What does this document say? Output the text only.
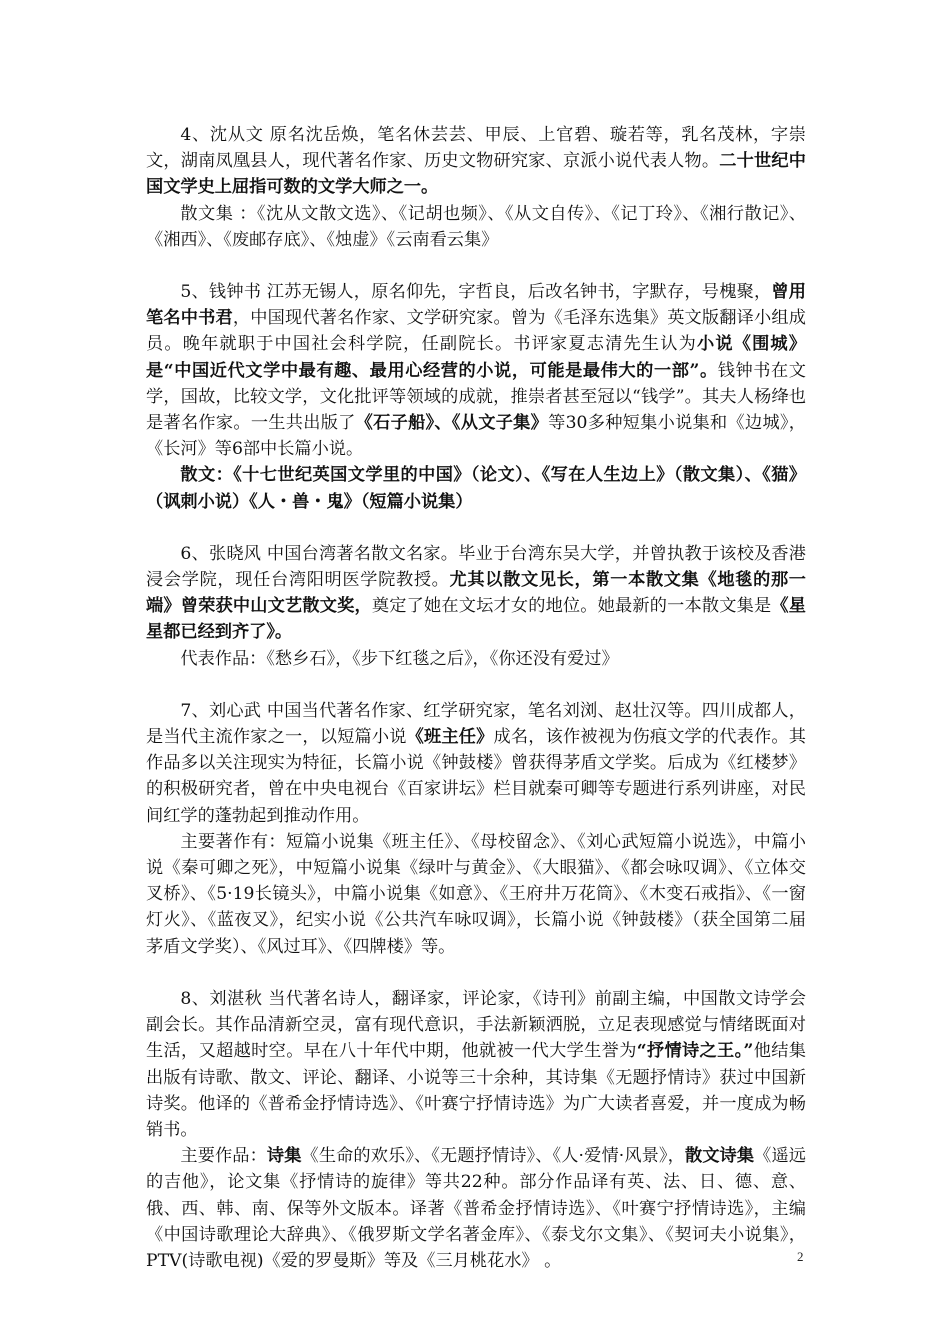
4、沈从文 原名沈岳焕，笔名休芸芸、甲辰、上官碧、璇若等，乳名茂林，字崇文，湖南凤凰县人，现代著名作家、历史文物研究家、京派小说代表人物。二十世纪中国文学史上屈指可数的文学大师之一。

散文集 ：《沈从文散文选》、《记胡也频》、《从文自传》、《记丁玲》、《湘行散记》、《湘西》、《废邮存底》、《烛虚》《云南看云集》

5、钱钟书 江苏无锡人，原名仰先，字哲良，后改名钟书，字默存，号槐聚，曾用笔名中书君，中国现代著名作家、文学研究家。曾为《毛泽东选集》英文版翻译小组成员。晚年就职于中国社会科学院，任副院长。书评家夏志清先生认为小说《围城》是“中国近代文学中最有趣、最用心经营的小说，可能是最伟大的一部”。钱钟书在文学，国故，比较文学，文化批评等领域的成就，推崇者甚至冠以“钱学”。其夫人杨绛也是著名作家。一生共出版了《石子船》、《从文子集》等30多种短集小说集和《边城》，《长河》等6部中长篇小说。

散文：《十七世纪英国文学里的中国》（论文）、《写在人生边上》（散文集）、《猫》（讽刺小说）《人・兽・鬼》（短篇小说集）

6、张晓风 中国台湾著名散文名家。毕业于台湾东吴大学，并曾执教于该校及香港浸会学院，现任台湾阳明医学院教授。尤其以散文见长，第一本散文集《地毯的那一端》曾荣获中山文艺散文奖，奠定了她在文坛才女的地位。她最新的一本散文集是《星星都已经到齐了》。

代表作品：《愁乡石》，《步下红毯之后》，《你还没有爱过》

7、刘心武 中国当代著名作家、红学研究家，笔名刘浏、赵壮汉等。四川成都人，是当代主流作家之一，以短篇小说《班主任》成名，该作被视为伤痕文学的代表作。其作品多以关注现实为特征，长篇小说《钟鼓楼》曾获得茅盾文学奖。后成为《红楼梦》的积极研究者，曾在中央电视台《百家讲坛》栏目就秦可卿等专题进行系列讲座，对民间红学的蓬勃起到推动作用。

主要著作有：短篇小说集《班主任》、《母校留念》、《刘心武短篇小说选》，中篇小说《秦可卿之死》，中短篇小说集《绿叶与黄金》、《大眼猫》、《都会咏叹调》、《立体交叉桥》、《5·19长镜头》，中篇小说集《如意》、《王府井万花筒》、《木变石戒指》、《一窗灯火》、《蓝夜叉》，纪实小说《公共汽车咏叹调》，长篇小说《钟鼓楼》（获全国第二届茅盾文学奖）、《风过耳》、《四牌楼》等。

8、刘湛秋 当代著名诗人，翻译家，评论家，《诗刊》前副主编，中国散文诗学会副会长。其作品清新空灵，富有现代意识，手法新颖洒脱，立足表现感觉与情绪既面对生活，又超越时空。早在八十年代中期，他就被一代大学生誉为“抒情诗之王。”他结集出版有诗歌、散文、评论、翻译、小说等三十余种，其诗集《无题抒情诗》获过中国新诗奖。他译的《普希金抒情诗选》、《叶赛宁抒情诗选》为广大读者喜爱，并一度成为畅销书。

主要作品：诗集《生命的欢乐》、《无题抒情诗》、《人·爱情·风景》，散文诗集《遥远的吉他》，论文集《抒情诗的旋律》等共22种。部分作品译有英、法、日、德、意、俄、西、韩、南、保等外文版本。译著《普希金抒情诗选》、《叶赛宁抒情诗选》，主编《中国诗歌理论大辞典》、《俄罗斯文学名著金库》、《泰戈尔文集》、《契诃夫小说集》，PTV(诗歌电视)《爱的罗曼斯》等及《三月桃花水》 。	2
